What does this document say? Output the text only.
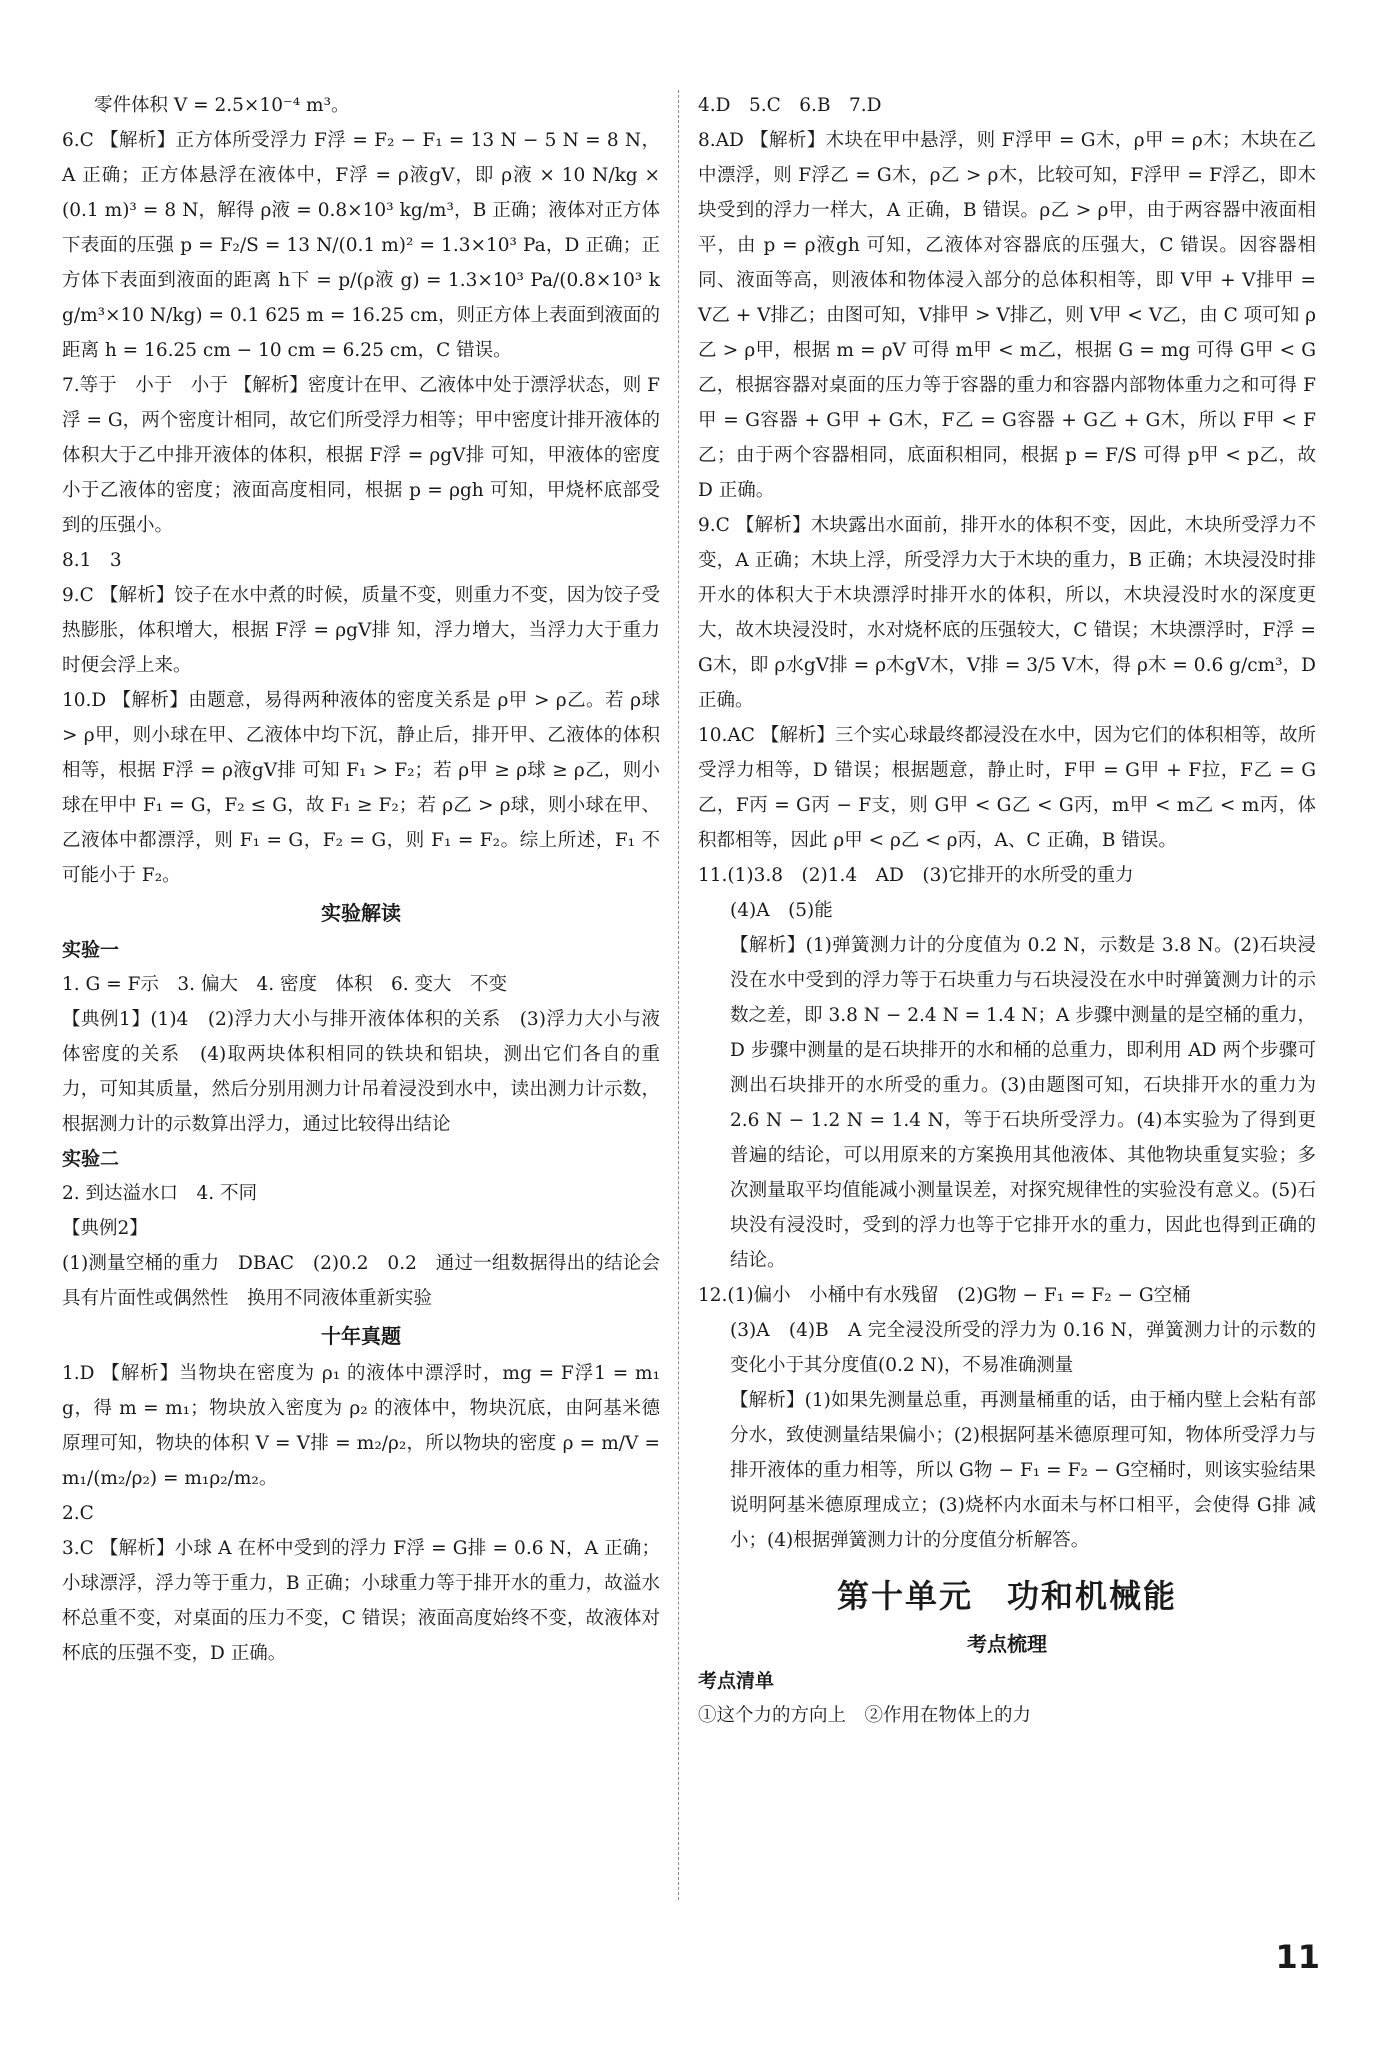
零件体积 V = 2.5×10⁻⁴ m³。

6.C 【解析】正方体所受浮力 F浮 = F₂ − F₁ = 13 N − 5 N = 8 N，A 正确；正方体悬浮在液体中，F浮 = ρ液gV，即 ρ液 × 10 N/kg × (0.1 m)³ = 8 N，解得 ρ液 = 0.8×10³ kg/m³，B 正确；液体对正方体下表面的压强 p = F₂/S = 13 N/(0.1 m)² = 1.3×10³ Pa，D 正确；正方体下表面到液面的距离 h下 = p/(ρ液 g) = 1.3×10³ Pa/(0.8×10³ kg/m³×10 N/kg) = 0.1 625 m = 16.25 cm，则正方体上表面到液面的距离 h = 16.25 cm − 10 cm = 6.25 cm，C 错误。

7.等于　小于　小于 【解析】密度计在甲、乙液体中处于漂浮状态，则 F浮 = G，两个密度计相同，故它们所受浮力相等；甲中密度计排开液体的体积大于乙中排开液体的体积，根据 F浮 = ρgV排 可知，甲液体的密度小于乙液体的密度；液面高度相同，根据 p = ρgh 可知，甲烧杯底部受到的压强小。

8.1　3

9.C 【解析】饺子在水中煮的时候，质量不变，则重力不变，因为饺子受热膨胀，体积增大，根据 F浮 = ρgV排 知，浮力增大，当浮力大于重力时便会浮上来。

10.D 【解析】由题意，易得两种液体的密度关系是 ρ甲 > ρ乙。若 ρ球 > ρ甲，则小球在甲、乙液体中均下沉，静止后，排开甲、乙液体的体积相等，根据 F浮 = ρ液gV排 可知 F₁ > F₂；若 ρ甲 ≥ ρ球 ≥ ρ乙，则小球在甲中 F₁ = G，F₂ ≤ G，故 F₁ ≥ F₂；若 ρ乙 > ρ球，则小球在甲、乙液体中都漂浮，则 F₁ = G，F₂ = G，则 F₁ = F₂。综上所述，F₁ 不可能小于 F₂。

实验解读
实验一

1. G = F示　3. 偏大　4. 密度　体积　6. 变大　不变

【典例1】(1)4　(2)浮力大小与排开液体体积的关系　(3)浮力大小与液体密度的关系　(4)取两块体积相同的铁块和铝块，测出它们各自的重力，可知其质量，然后分别用测力计吊着浸没到水中，读出测力计示数，根据测力计的示数算出浮力，通过比较得出结论

实验二

2. 到达溢水口　4. 不同

【典例2】

(1)测量空桶的重力　DBAC　(2)0.2　0.2　通过一组数据得出的结论会具有片面性或偶然性　换用不同液体重新实验

十年真题

1.D 【解析】当物块在密度为 ρ₁ 的液体中漂浮时，mg = F浮1 = m₁g，得 m = m₁；物块放入密度为 ρ₂ 的液体中，物块沉底，由阿基米德原理可知，物块的体积 V = V排 = m₂/ρ₂，所以物块的密度 ρ = m/V = m₁/(m₂/ρ₂) = m₁ρ₂/m₂。

2.C

3.C 【解析】小球 A 在杯中受到的浮力 F浮 = G排 = 0.6 N，A 正确；小球漂浮，浮力等于重力，B 正确；小球重力等于排开水的重力，故溢水杯总重不变，对桌面的压力不变，C 错误；液面高度始终不变，故液体对杯底的压强不变，D 正确。

4.D　5.C　6.B　7.D

8.AD 【解析】木块在甲中悬浮，则 F浮甲 = G木，ρ甲 = ρ木；木块在乙中漂浮，则 F浮乙 = G木，ρ乙 > ρ木，比较可知，F浮甲 = F浮乙，即木块受到的浮力一样大，A 正确，B 错误。ρ乙 > ρ甲，由于两容器中液面相平，由 p = ρ液gh 可知，乙液体对容器底的压强大，C 错误。因容器相同、液面等高，则液体和物体浸入部分的总体积相等，即 V甲 + V排甲 = V乙 + V排乙；由图可知，V排甲 > V排乙，则 V甲 < V乙，由 C 项可知 ρ乙 > ρ甲，根据 m = ρV 可得 m甲 < m乙，根据 G = mg 可得 G甲 < G乙，根据容器对桌面的压力等于容器的重力和容器内部物体重力之和可得 F甲 = G容器 + G甲 + G木，F乙 = G容器 + G乙 + G木，所以 F甲 < F乙；由于两个容器相同，底面积相同，根据 p = F/S 可得 p甲 < p乙，故 D 正确。

9.C 【解析】木块露出水面前，排开水的体积不变，因此，木块所受浮力不变，A 正确；木块上浮，所受浮力大于木块的重力，B 正确；木块浸没时排开水的体积大于木块漂浮时排开水的体积，所以，木块浸没时水的深度更大，故木块浸没时，水对烧杯底的压强较大，C 错误；木块漂浮时，F浮 = G木，即 ρ水gV排 = ρ木gV木，V排 = 3/5 V木，得 ρ木 = 0.6 g/cm³，D 正确。

10.AC 【解析】三个实心球最终都浸没在水中，因为它们的体积相等，故所受浮力相等，D 错误；根据题意，静止时，F甲 = G甲 + F拉，F乙 = G乙，F丙 = G丙 − F支，则 G甲 < G乙 < G丙，m甲 < m乙 < m丙，体积都相等，因此 ρ甲 < ρ乙 < ρ丙，A、C 正确，B 错误。

11.(1)3.8　(2)1.4　AD　(3)它排开的水所受的重力

(4)A　(5)能

【解析】(1)弹簧测力计的分度值为 0.2 N，示数是 3.8 N。(2)石块浸没在水中受到的浮力等于石块重力与石块浸没在水中时弹簧测力计的示数之差，即 3.8 N − 2.4 N = 1.4 N；A 步骤中测量的是空桶的重力，D 步骤中测量的是石块排开的水和桶的总重力，即利用 AD 两个步骤可测出石块排开的水所受的重力。(3)由题图可知，石块排开水的重力为 2.6 N − 1.2 N = 1.4 N，等于石块所受浮力。(4)本实验为了得到更普遍的结论，可以用原来的方案换用其他液体、其他物块重复实验；多次测量取平均值能减小测量误差，对探究规律性的实验没有意义。(5)石块没有浸没时，受到的浮力也等于它排开水的重力，因此也得到正确的结论。

12.(1)偏小　小桶中有水残留　(2)G物 − F₁ = F₂ − G空桶

(3)A　(4)B　A 完全浸没所受的浮力为 0.16 N，弹簧测力计的示数的变化小于其分度值(0.2 N)，不易准确测量

【解析】(1)如果先测量总重，再测量桶重的话，由于桶内壁上会粘有部分水，致使测量结果偏小；(2)根据阿基米德原理可知，物体所受浮力与排开液体的重力相等，所以 G物 − F₁ = F₂ − G空桶时，则该实验结果说明阿基米德原理成立；(3)烧杯内水面未与杯口相平，会使得 G排 减小；(4)根据弹簧测力计的分度值分析解答。

第十单元　功和机械能
考点梳理
考点清单

①这个力的方向上　②作用在物体上的力

11
